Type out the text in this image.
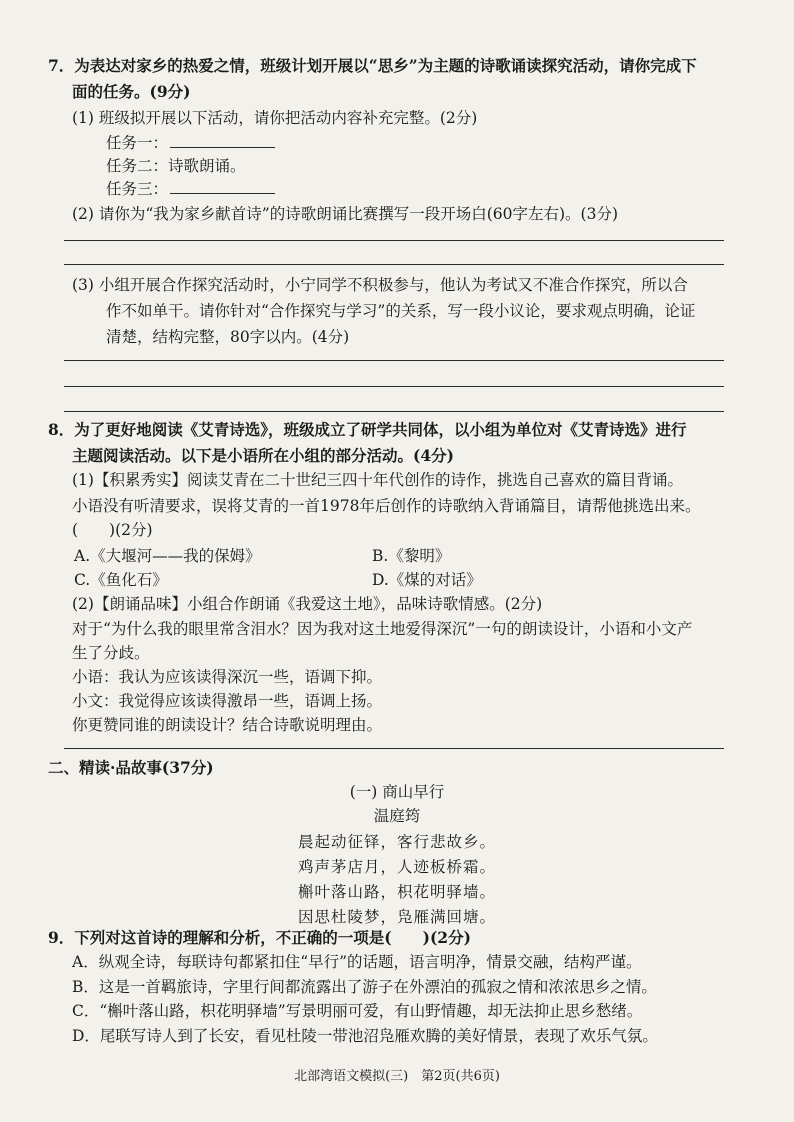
7．为表达对家乡的热爱之情，班级计划开展以“思乡”为主题的诗歌诵读探究活动，请你完成下
面的任务。(9分)
(1) 班级拟开展以下活动，请你把活动内容补充完整。(2分)
任务一：
任务二：诗歌朗诵。
任务三：
(2) 请你为“我为家乡献首诗”的诗歌朗诵比赛撰写一段开场白(60字左右)。(3分)
(3) 小组开展合作探究活动时，小宁同学不积极参与，他认为考试又不准合作探究，所以合
作不如单干。请你针对“合作探究与学习”的关系，写一段小议论，要求观点明确，论证
清楚，结构完整，80字以内。(4分)
8．为了更好地阅读《艾青诗选》，班级成立了研学共同体，以小组为单位对《艾青诗选》进行
主题阅读活动。以下是小语所在小组的部分活动。(4分)
(1)【积累秀实】阅读艾青在二十世纪三四十年代创作的诗作，挑选自己喜欢的篇目背诵。
小语没有听清要求，误将艾青的一首1978年后创作的诗歌纳入背诵篇目，请帮他挑选出来。
(　　)(2分)
A.《大堰河——我的保姆》	B.《黎明》
C.《鱼化石》	D.《煤的对话》
(2)【朗诵品味】小组合作朗诵《我爱这土地》，品味诗歌情感。(2分)
对于“为什么我的眼里常含泪水？因为我对这土地爱得深沉”一句的朗读设计，小语和小文产
生了分歧。
小语：我认为应该读得深沉一些，语调下抑。
小文：我觉得应该读得激昂一些，语调上扬。
你更赞同谁的朗读设计？结合诗歌说明理由。
二、精读·品故事(37分)
(一) 商山早行
温庭筠
晨起动征铎，客行悲故乡。
鸡声茅店月，人迹板桥霜。
槲叶落山路，枳花明驿墙。
因思杜陵梦，凫雁满回塘。
9．下列对这首诗的理解和分析，不正确的一项是(　　)(2分)
A．纵观全诗，每联诗句都紧扣住“早行”的话题，语言明净，情景交融，结构严谨。
B．这是一首羁旅诗，字里行间都流露出了游子在外漂泊的孤寂之情和浓浓思乡之情。
C．“槲叶落山路，枳花明驿墙”写景明丽可爱，有山野情趣，却无法抑止思乡愁绪。
D．尾联写诗人到了长安，看见杜陵一带池沼凫雁欢腾的美好情景，表现了欢乐气氛。
北部湾语文模拟(三)　第2页(共6页)
